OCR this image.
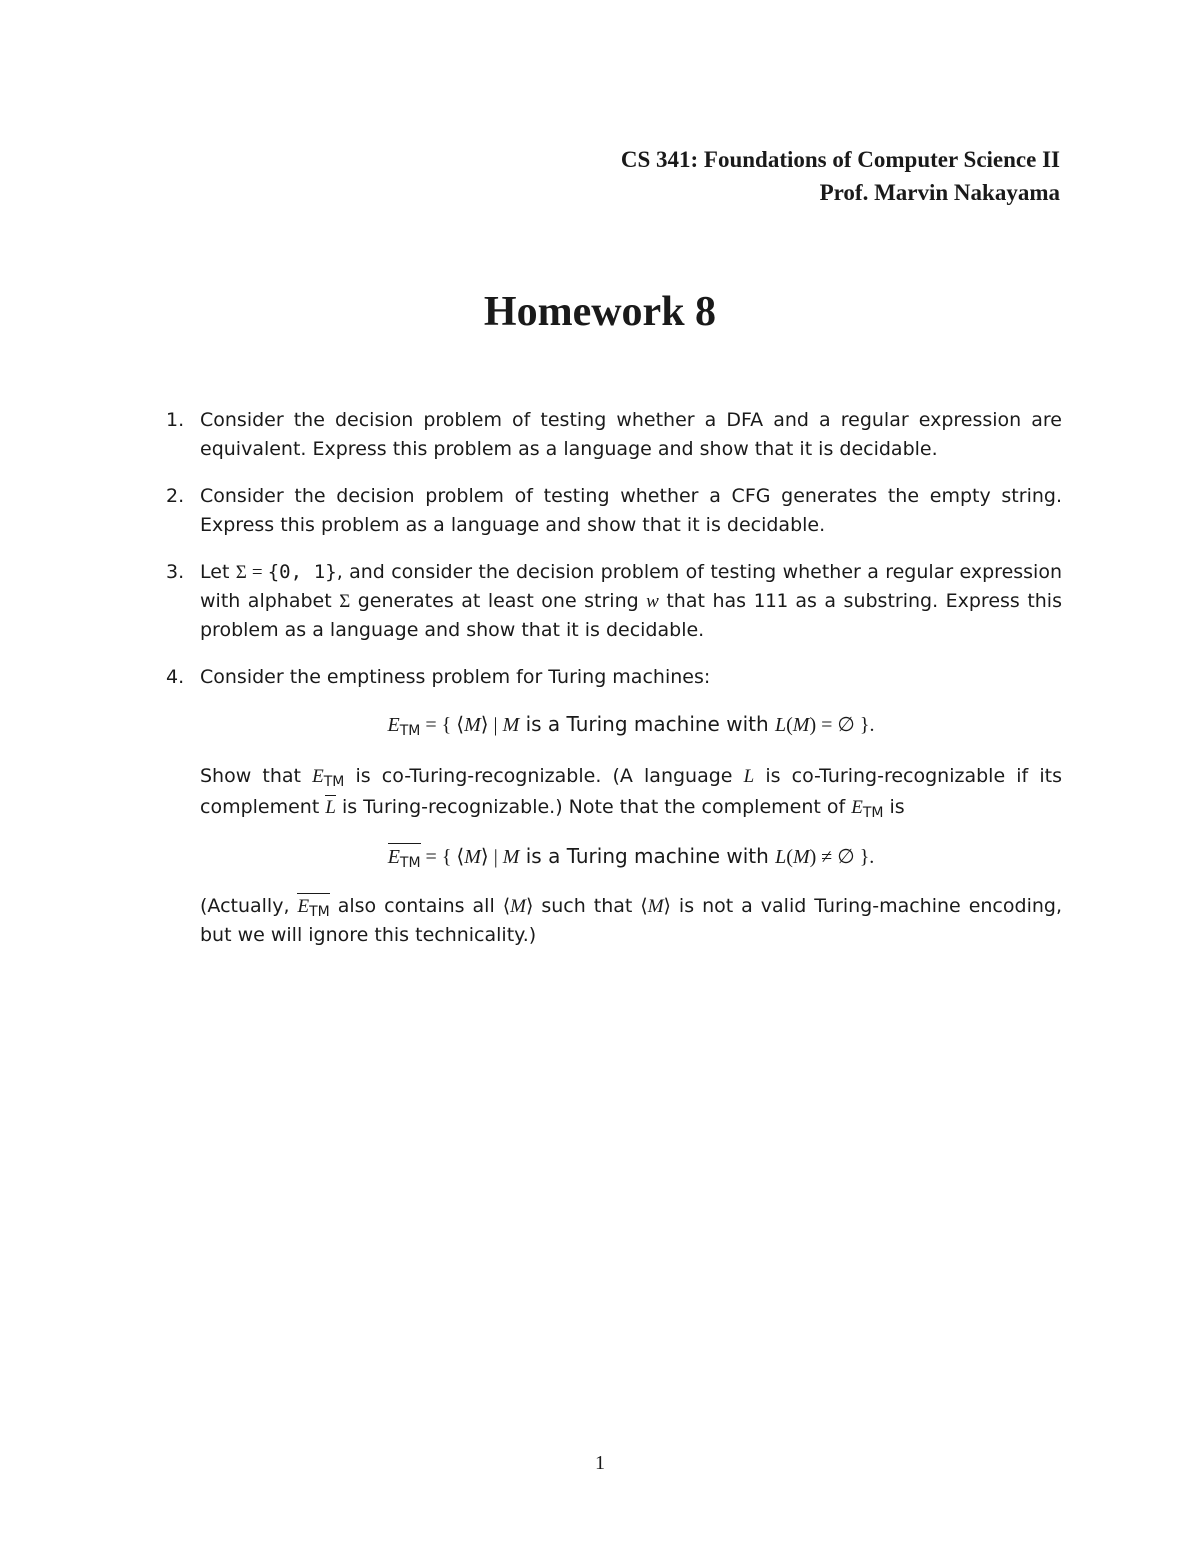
CS 341: Foundations of Computer Science II
Prof. Marvin Nakayama
Homework 8
1. Consider the decision problem of testing whether a DFA and a regular expression are equivalent. Express this problem as a language and show that it is decidable.

2. Consider the decision problem of testing whether a CFG generates the empty string. Express this problem as a language and show that it is decidable.

3. Let Σ = {0, 1}, and consider the decision problem of testing whether a regular expression with alphabet Σ generates at least one string w that has 111 as a substring. Express this problem as a language and show that it is decidable.

4. Consider the emptiness problem for Turing machines:

$E_{TM}$ = { ⟨M⟩ | M is a Turing machine with L(M) = ∅ }.

Show that $E_{TM}$ is co-Turing-recognizable. (A language L is co-Turing-recognizable if its complement L is Turing-recognizable.) Note that the complement of $E_{TM}$ is

$E_{TM}$ = { ⟨M⟩ | M is a Turing machine with L(M) ≠ ∅ }.

(Actually, $E_{TM}$ also contains all ⟨M⟩ such that ⟨M⟩ is not a valid Turing-machine encoding, but we will ignore this technicality.)

1
